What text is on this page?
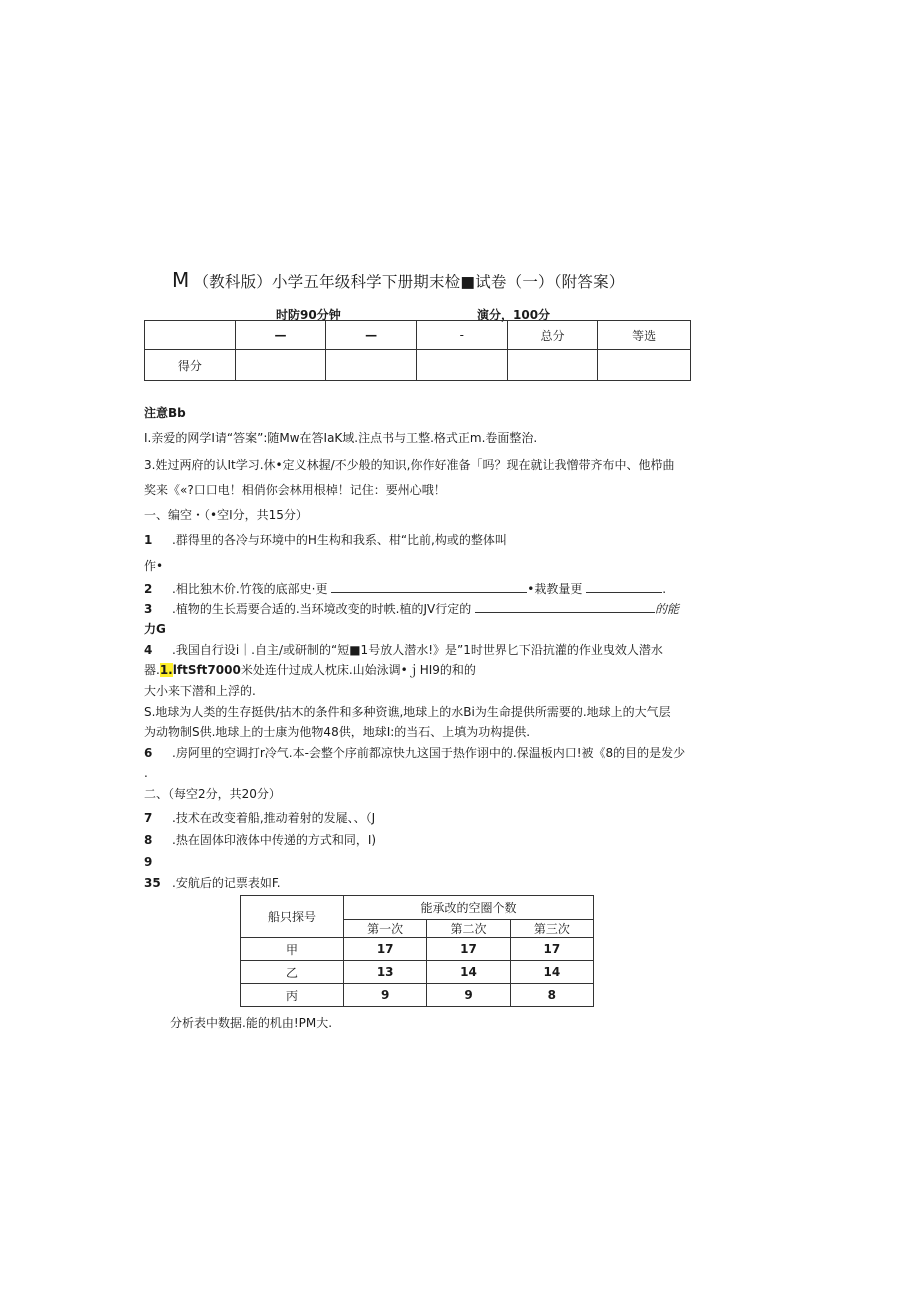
M （教科版）小学五年级科学下册期末检■试卷（一）（附答案）
时防90分钟	演分，100分
	—	—	-	总分	等选
得分					
注意Bb
I.亲爱的网学I请“答案”:随Mw在答IaK域.注点书与工整.格式正m.卷面整治.
3.姓过两府的认It学习.休•定义林握/不少般的知识,你作好准备「吗？现在就让我憎带齐布中、他栉曲
奖来《«?口口电！相俏你会林用根棹！记住：要州心哦！
一、编空・（•空I分，共15分）
1 .群得里的各冷与环境中的H生构和我系、柑“比前,构或的整体叫
作•
2 .相比独木价.竹筏的底部史·更	•栽教量更	.
3 .植物的生长焉要合适的.当环境改变的时帙.植的JV行定的	的能
力G
4 .我国自行设i｜.自主/或研制的“短■1号放人潜水!》是”1时世界匕下沿抗灌的作业曳效人潜水
器.1.lftSft7000米处连什过成人枕床.山始泳调•ｊHI9的和的
大小来下潜和上浮的.
S.地球为人类的生存挺供/拈木的条件和多种资谯,地球上的水Bi为生命提供所需要的.地球上的大气层
为动物制S供.地球上的士康为他物48供，地球I:的当石、上填为功构提供.
6 .房阿里的空调打r冷气.本-会整个序前都凉快九这国于热作诩中的.保温板内口!被《8的目的是发少
.
二、（每空2分，共20分）
7 .技术在改变着船,推动着射的发屣、、（J
8 .热在固体印液体中传递的方式和同，I)
9
35 .安航后的记票表如F.
船只探号	能承改的空圈个数		
	第一次	第二次	第三次
甲	17	17	17
乙	13	14	14
丙	9	9	8
分析表中数据.能的机由!PM大.
